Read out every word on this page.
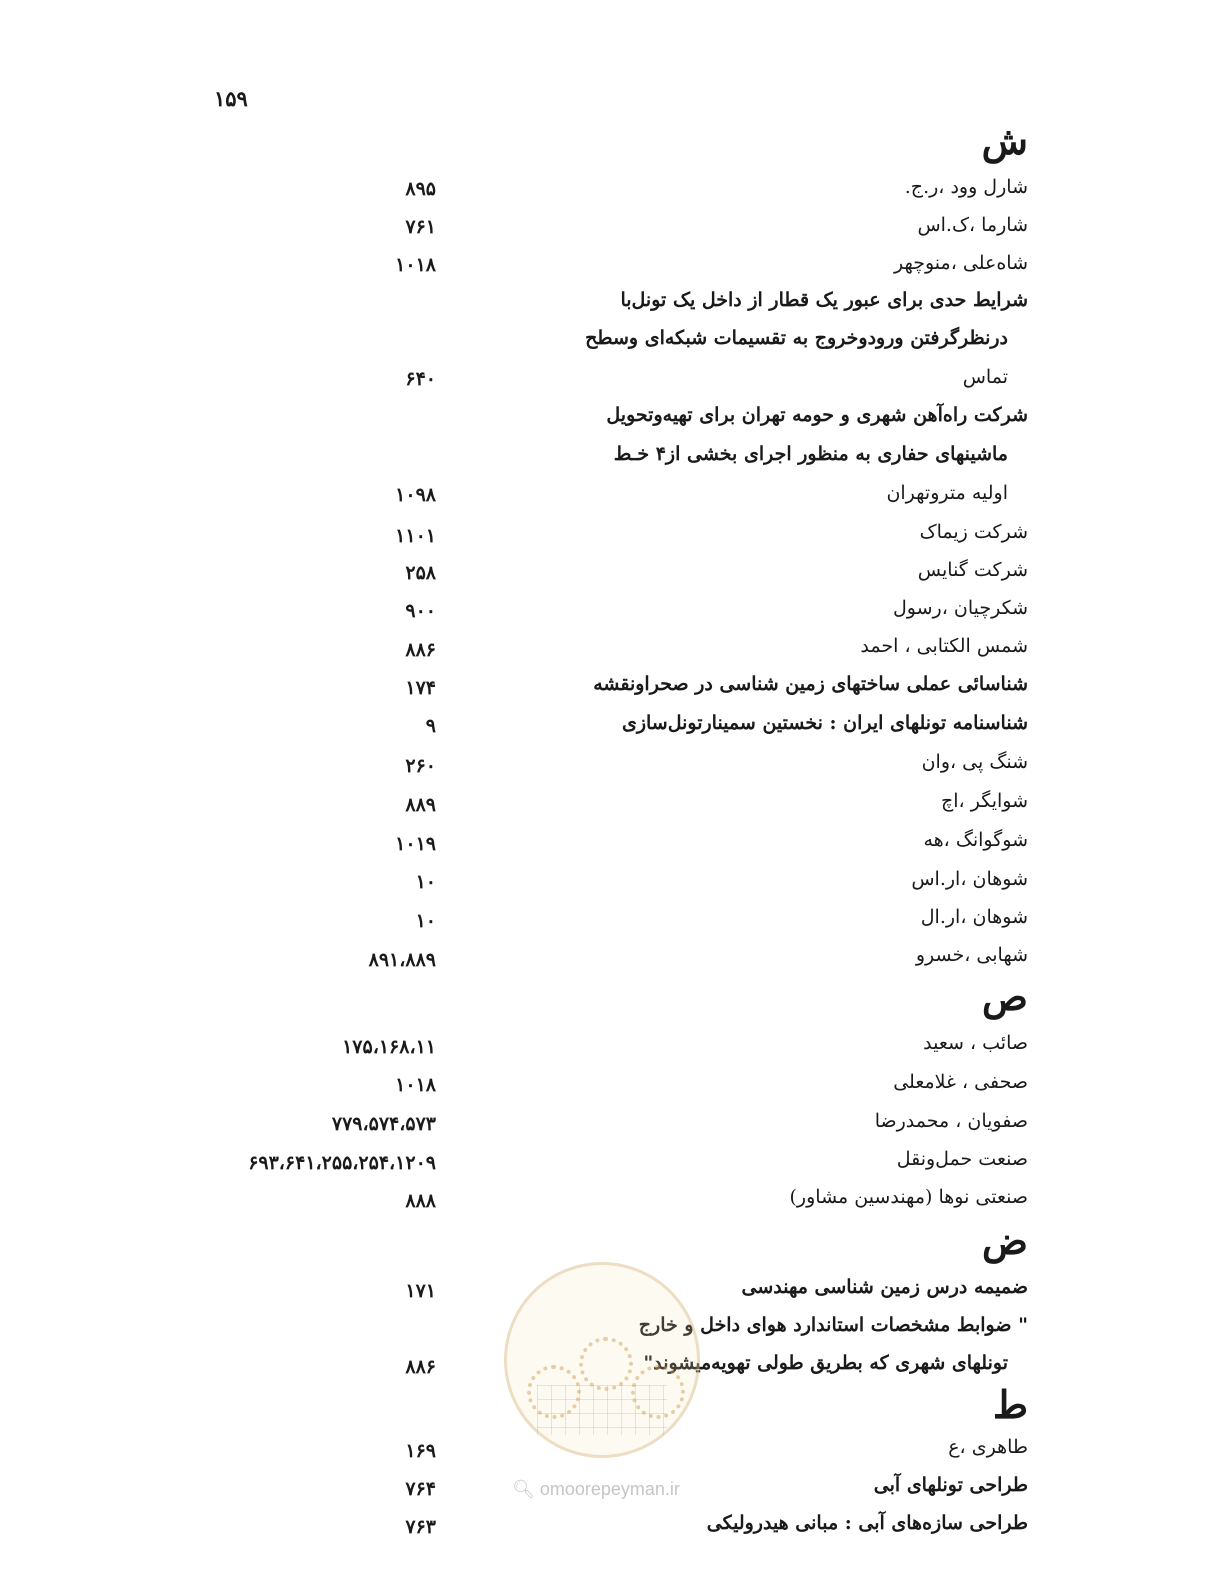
۱۵۹
ش
شارل وود ،ر.ج.
۸۹۵
شارما ،ک.اس
۷۶۱
شاه‌علی ،منوچهر
۱۰۱۸
شرایط حدی برای عبور یک قطار از داخل یک تونل‌با
درنظرگرفتن ورودوخروج به تقسیمات شبکه‌ای وسطح
تماس
۶۴۰
شرکت راه‌آهن شهری و حومه تهران برای تهیه‌وتحویل
ماشینهای حفاری به منظور اجرای بخشی از۴ خـط
اولیه متروتهران
۱۰۹۸
شرکت زیماک
۱۱۰۱
شرکت گنایس
۲۵۸
شکرچیان ،رسول
۹۰۰
شمس الکتابی ، احمد
۸۸۶
شناسائی عملی ساختهای زمین شناسی در صحراونقشه
۱۷۴
شناسنامه تونلهای ایران : نخستین سمینارتونل‌سازی
۹
شنگ پی ،وان
۲۶۰
شوایگر ،اچ
۸۸۹
شوگوانگ ،هه
۱۰۱۹
شوهان ،ار.اس
۱۰
شوهان ،ار.ال
۱۰
شهابی ،خسرو
۸۹۱،۸۸۹
ص
صائب ، سعید
۱۷۵،۱۶۸،۱۱
صحفی ، غلامعلی
۱۰۱۸
صفویان ، محمدرضا
۷۷۹،۵۷۴،۵۷۳
صنعت حمل‌ونقل
۶۹۳،۶۴۱،۲۵۵،۲۵۴،۱۲۰۹
صنعتی نوها (مهندسین مشاور)
۸۸۸
ض
ضمیمه درس زمین شناسی مهندسی
۱۷۱
" ضوابط مشخصات استاندارد هوای داخل و خارج
تونلهای شهری که بطریق طولی تهویه‌میشوند"
۸۸۶
ط
طاهری ،ع
۱۶۹
طراحی تونلهای آبی
۷۶۴
طراحی سازه‌های آبی : مبانی هیدرولیکی
۷۶۳
🔍︎ omoorepeyman.ir
